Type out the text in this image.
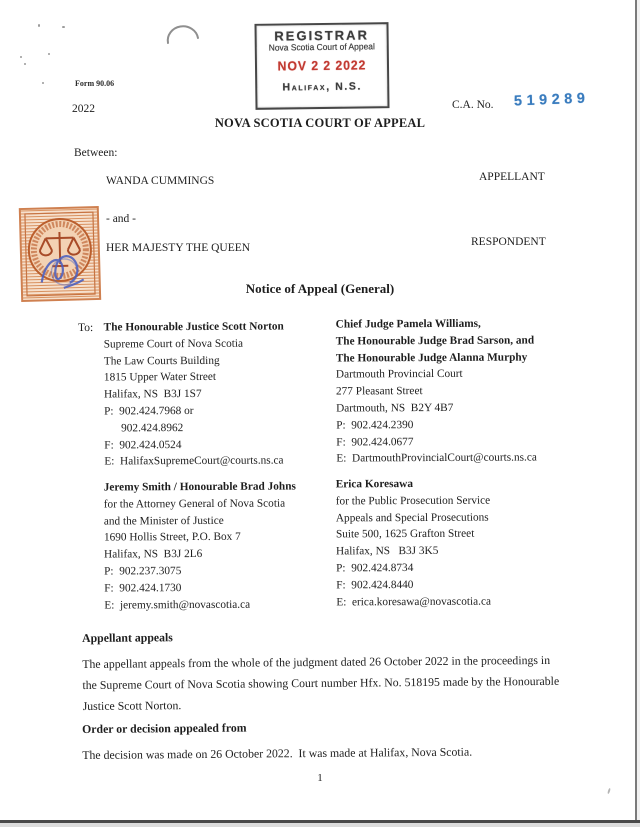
REGISTRAR
Nova Scotia Court of Appeal
NOV 2 2 2022
Halifax, N.S.
Form 90.06
2022	C.A. No. 519289
NOVA SCOTIA COURT OF APPEAL
Between:
WANDA CUMMINGS	APPELLANT
- and -
HER MAJESTY THE QUEEN	RESPONDENT
Notice of Appeal (General)
To: The Honourable Justice Scott Norton
Supreme Court of Nova Scotia
The Law Courts Building
1815 Upper Water Street
Halifax, NS  B3J 1S7
P:  902.424.7968 or
902.424.8962
F:  902.424.0524
E:  HalifaxSupremeCourt@courts.ns.ca
Chief Judge Pamela Williams,
The Honourable Judge Brad Sarson, and
The Honourable Judge Alanna Murphy
Dartmouth Provincial Court
277 Pleasant Street
Dartmouth, NS  B2Y 4B7
P:  902.424.2390
F:  902.424.0677
E:  DartmouthProvincialCourt@courts.ns.ca
Jeremy Smith / Honourable Brad Johns
for the Attorney General of Nova Scotia
and the Minister of Justice
1690 Hollis Street, P.O. Box 7
Halifax, NS  B3J 2L6
P:  902.237.3075
F:  902.424.1730
E:  jeremy.smith@novascotia.ca
Erica Koresawa
for the Public Prosecution Service
Appeals and Special Prosecutions
Suite 500, 1625 Grafton Street
Halifax, NS   B3J 3K5
P:  902.424.8734
F:  902.424.8440
E:  erica.koresawa@novascotia.ca

Appellant appeals

The appellant appeals from the whole of the judgment dated 26 October 2022 in the proceedings in the Supreme Court of Nova Scotia showing Court number Hfx. No. 518195 made by the Honourable Justice Scott Norton.

Order or decision appealed from

The decision was made on 26 October 2022.  It was made at Halifax, Nova Scotia.

1
